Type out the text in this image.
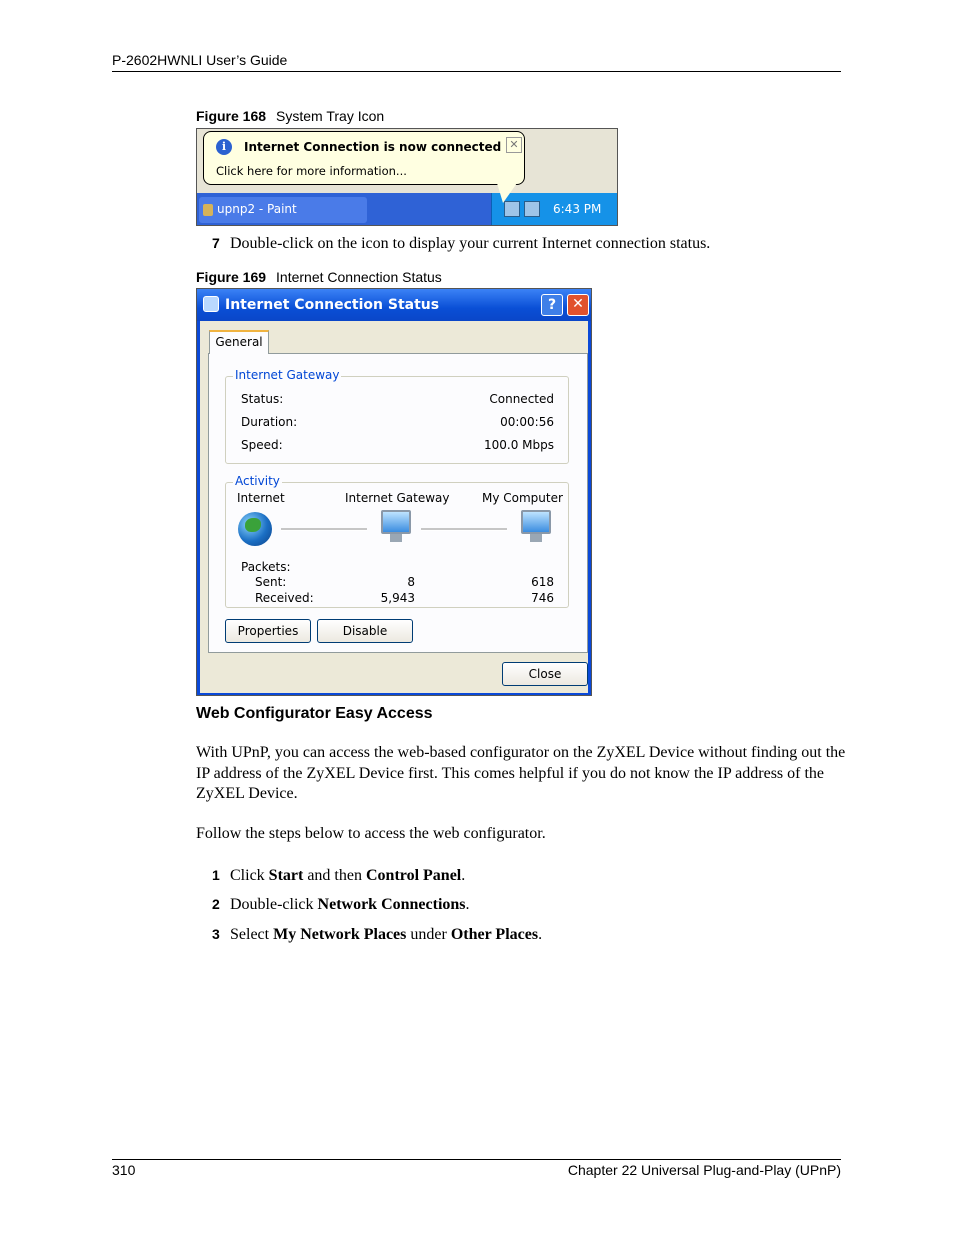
P-2602HWNLI User’s Guide
Figure 168 System Tray Icon
upnp2 - Paint	6:43 PM
i	Internet Connection is now connected
Click here for more information...
✕
7 Double-click on the icon to display your current Internet connection status.
Figure 169 Internet Connection Status
Internet Connection Status	?	✕
Internet Gateway
Status:	Connected
Duration:	00:00:56
Speed:	100.0 Mbps
Activity
Internet	Internet Gateway	My Computer
Packets:
Sent:	8	618
Received:	5,943	746
Properties	Disable
General
Close
Web Configurator Easy Access
With UPnP, you can access the web-based configurator on the ZyXEL Device without finding out the IP address of the ZyXEL Device first. This comes helpful if you do not know the IP address of the ZyXEL Device.
Follow the steps below to access the web configurator.
1 Click Start and then Control Panel.
2 Double-click Network Connections.
3 Select My Network Places under Other Places.
310	Chapter 22 Universal Plug-and-Play (UPnP)
